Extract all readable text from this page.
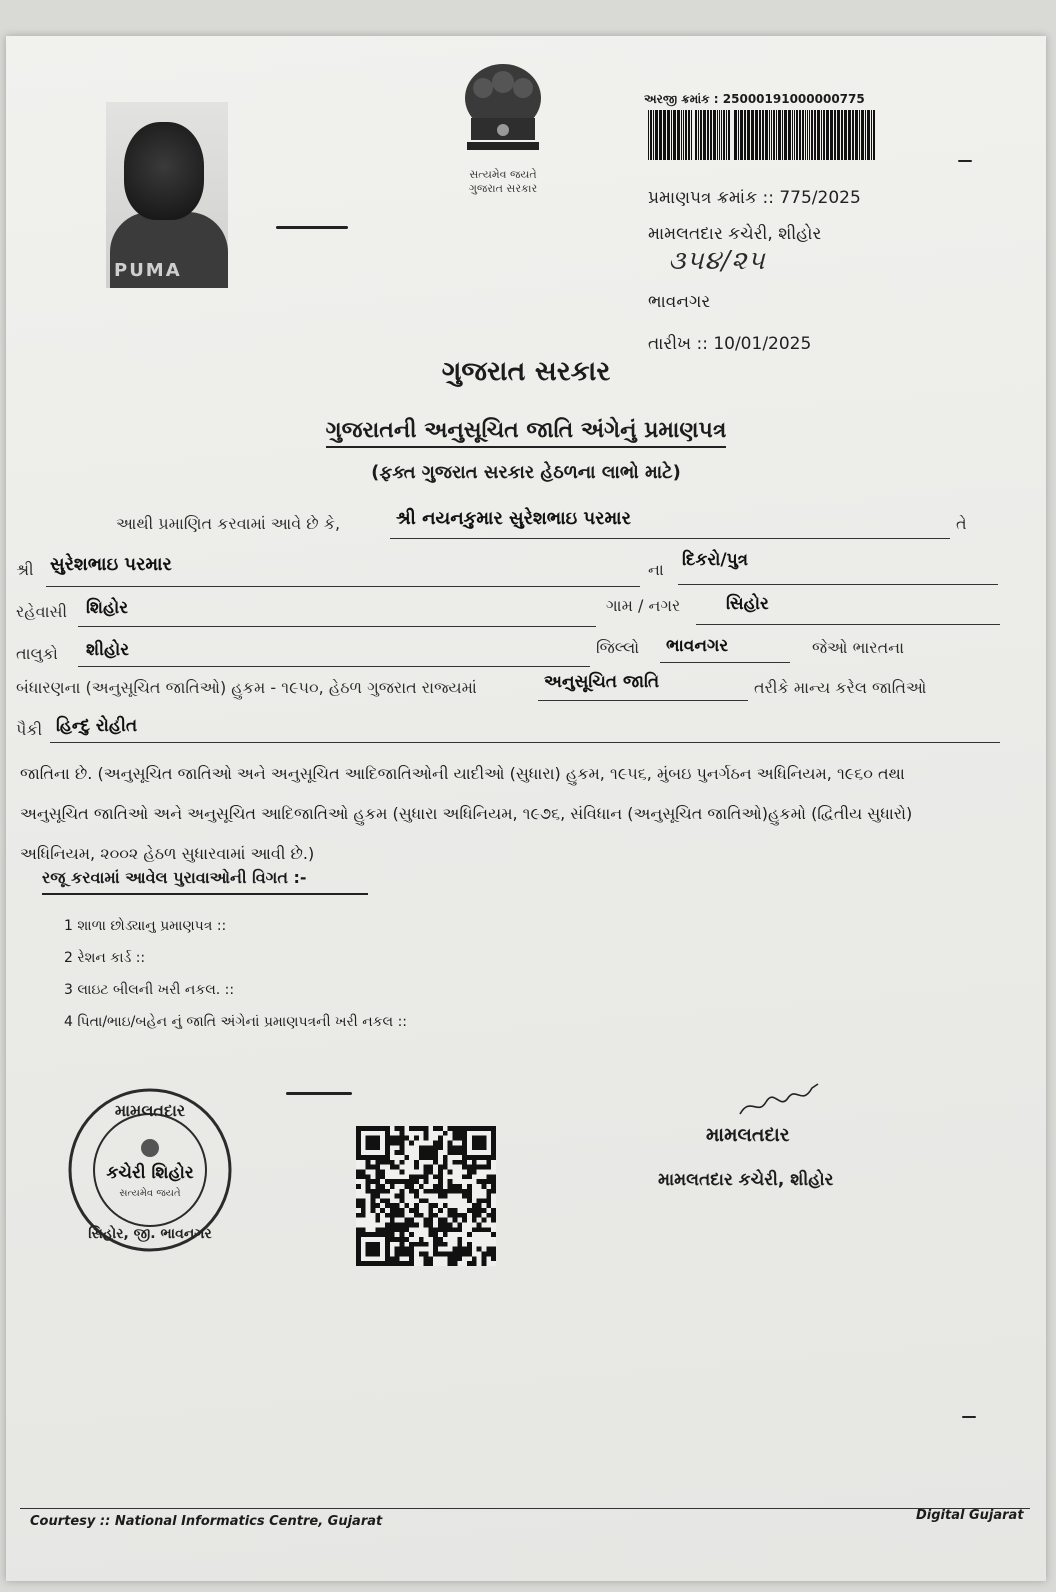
PUMA
સત્યમેવ જયતે
ગુજરાત સરકાર
અરજી ક્રમાંક : 25000191000000775
પ્રમાણપત્ર ક્રમાંક :: 775/2025
મામલતદાર કચેરી, શીહોર
૩૫૪/૨૫
ભાવનગર
તારીખ :: 10/01/2025
ગુજરાત સરકાર
ગુજરાતની અનુસૂચિત જાતિ અંગેનું પ્રમાણપત્ર
(ફક્ત ગુજરાત સરકાર હેઠળના લાભો માટે)
આથી પ્રમાણિત કરવામાં આવે છે કે,	શ્રી નયનકુમાર સુરેશભાઇ પરમાર	તે
શ્રી સુરેશભાઇ પરમાર	ના દિકરો/પુત્ર
રહેવાસી શિહોર	ગામ / નગર	સિહોર
તાલુકો શીહોર	જિલ્લો ભાવનગર	જેઓ ભારતના
બંધારણના (અનુસૂચિત જાતિઓ) હુકમ - ૧૯૫૦, હેઠળ ગુજરાત રાજ્યમાં	અનુસૂચિત જાતિ	તરીકે માન્ય કરેલ જાતિઓ
પૈકી હિન્દુ રોહીત
જાતિના છે. (અનુસૂચિત જાતિઓ અને અનુસૂચિત આદિજાતિઓની યાદીઓ (સુધારા) હુકમ, ૧૯૫૬, મુંબઇ પુનર્ગઠન અધિનિયમ, ૧૯૬૦ તથા
અનુસૂચિત જાતિઓ અને અનુસૂચિત આદિજાતિઓ હુકમ (સુધારા અધિનિયમ, ૧૯૭૬, સંવિધાન (અનુસૂચિત જાતિઓ)હુકમો (દ્વિતીય સુધારો)
અધિનિયમ, ૨૦૦૨ હેઠળ સુધારવામાં આવી છે.)
રજૂ કરવામાં આવેલ પુરાવાઓની વિગત :-
1 શાળા છોડ્યાનુ પ્રમાણપત્ર ::
2 રેશન કાર્ડ ::
3 લાઇટ બીલની ખરી નકલ. ::
4 પિતા/ભાઇ/બહેન નું જાતિ અંગેનાં પ્રમાણપત્રની ખરી નકલ ::
મામલતદાર
કચેરી શિહોર
સત્યમેવ જયતે
સિહોર, જી. ભાવનગર
મામલતદાર
મામલતદાર કચેરી, શીહોર
Courtesy :: National Informatics Centre, Gujarat	Digital Gujarat
